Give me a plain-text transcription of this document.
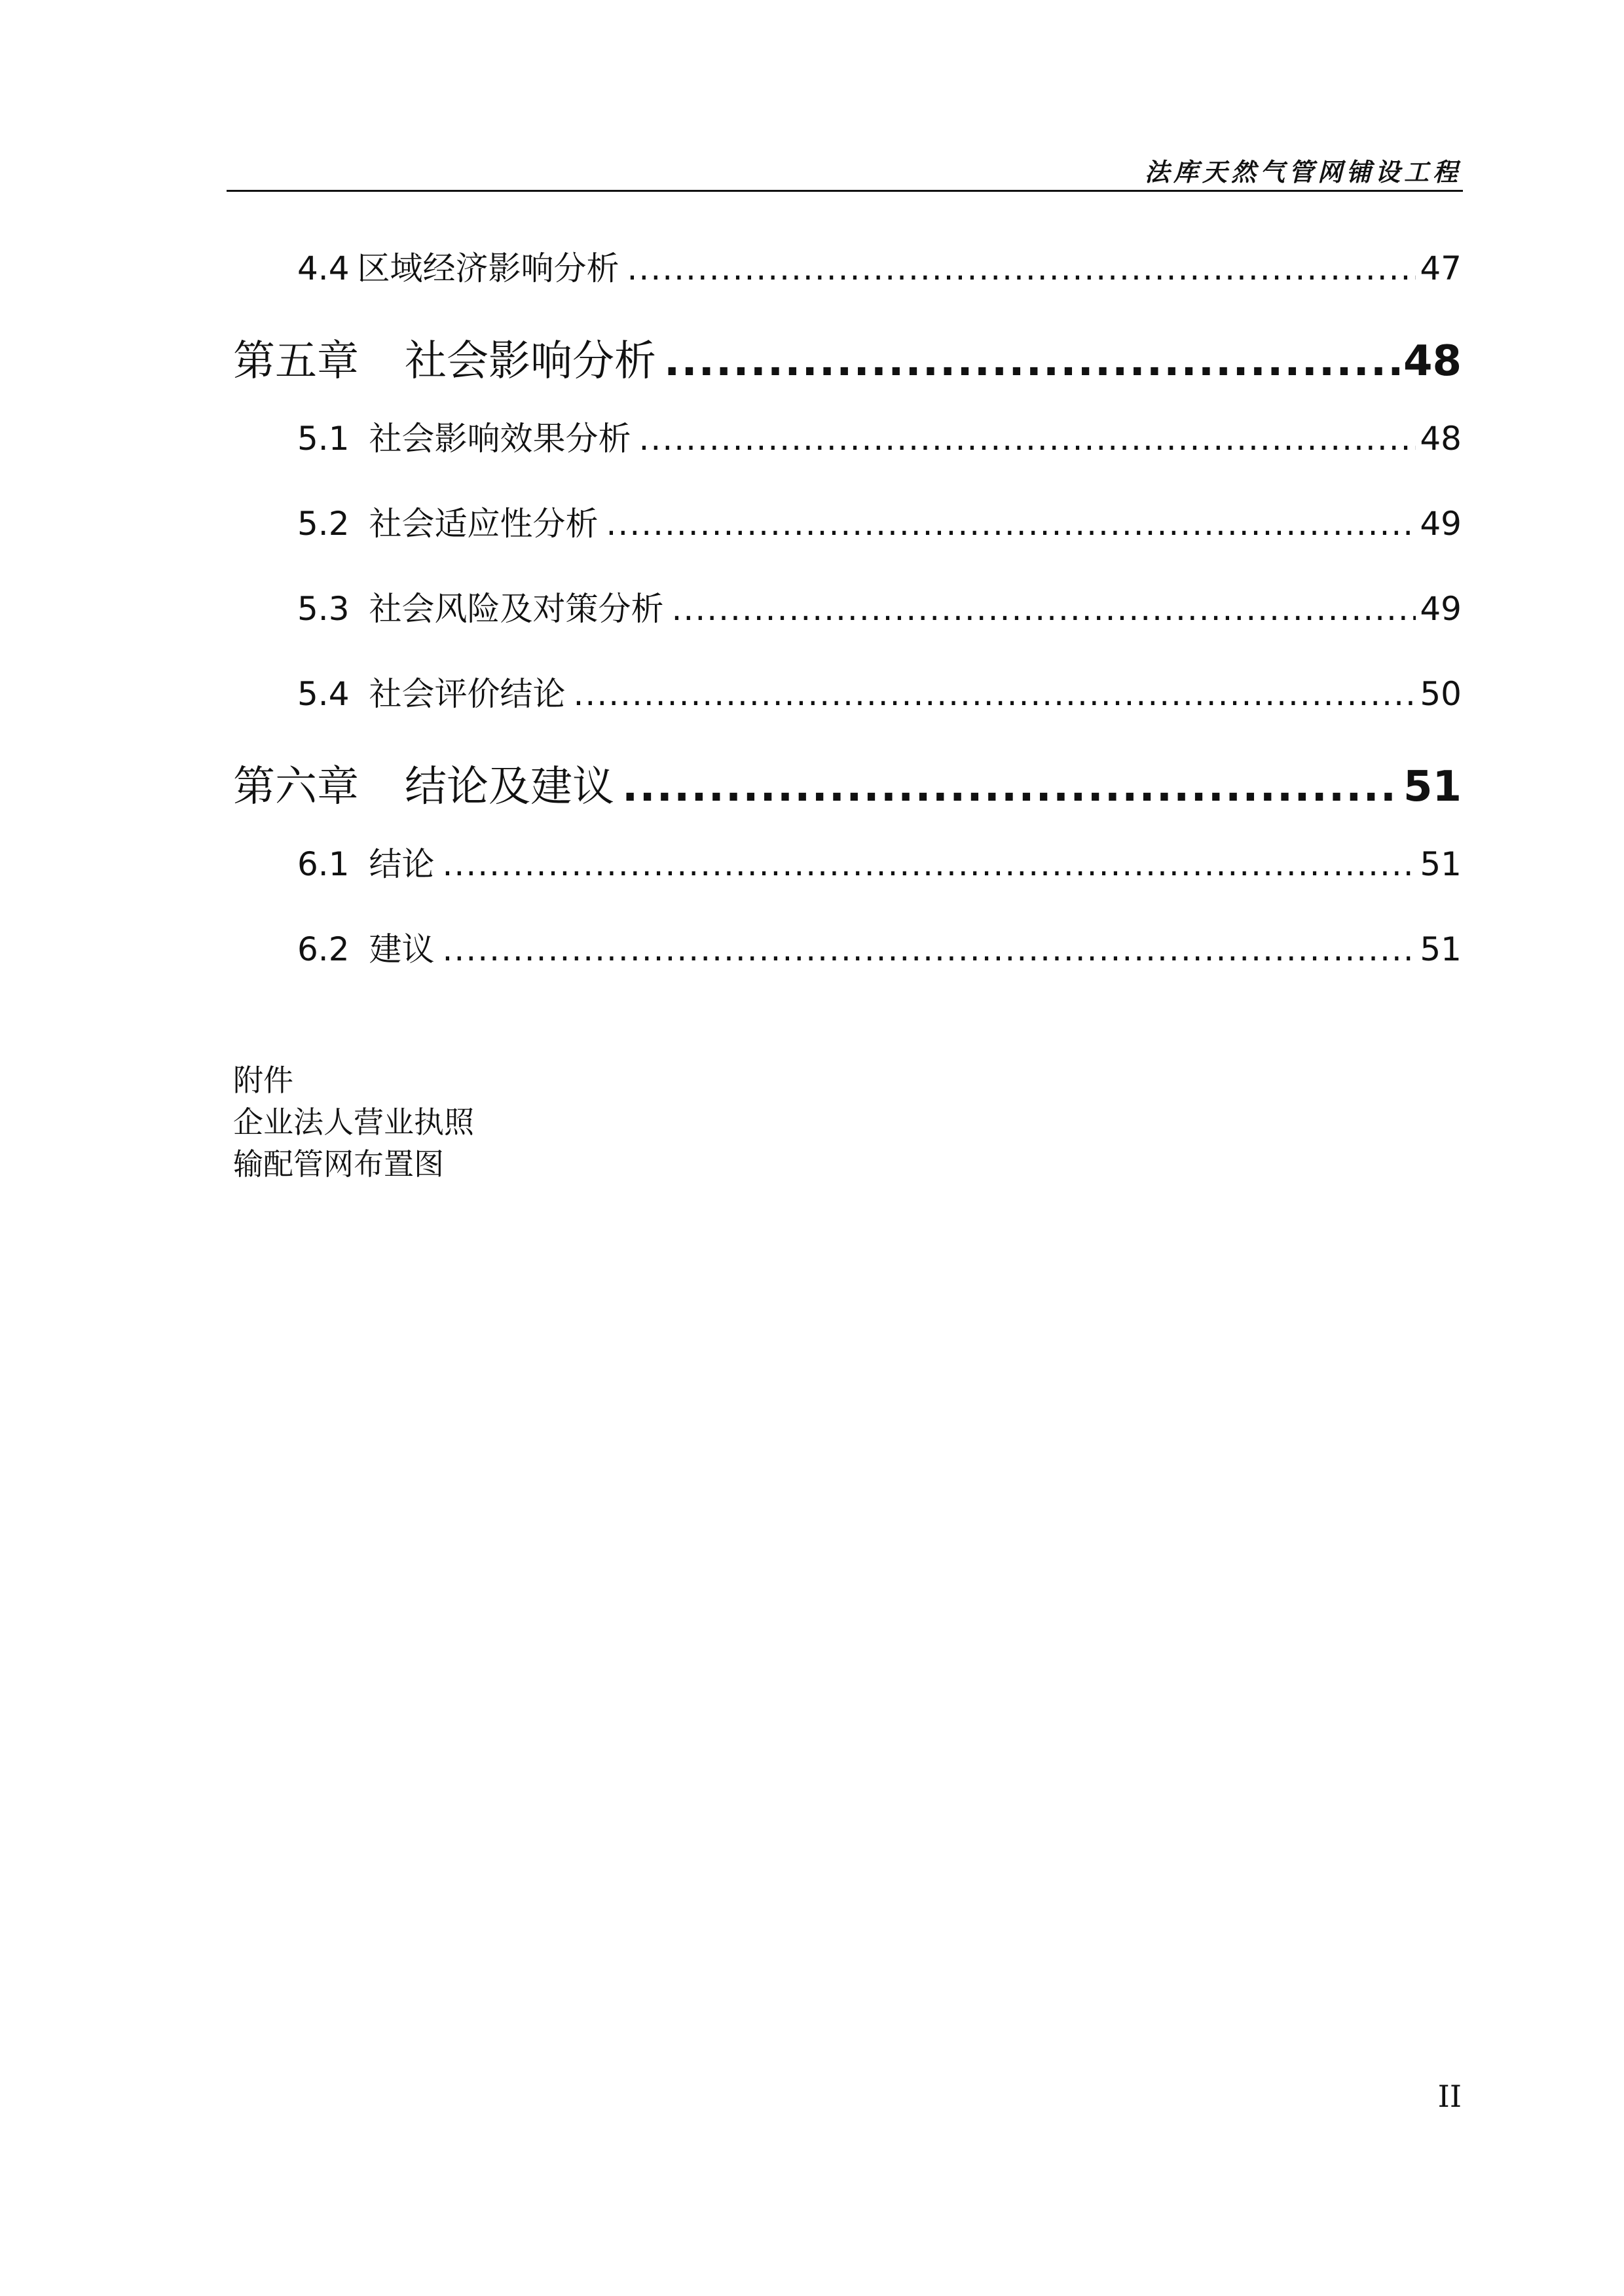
法库天然气管网铺设工程
4.4 区域经济影响分析 .....	47
第五章 社会影响分析 .....	48
5.1 社会影响效果分析 .....	48
5.2 社会适应性分析 .....	49
5.3 社会风险及对策分析 .....	49
5.4 社会评价结论 .....	50
第六章 结论及建议 .....	51
6.1 结论 .....	51
6.2 建议 .....	51
附件
企业法人营业执照
输配管网布置图
II
